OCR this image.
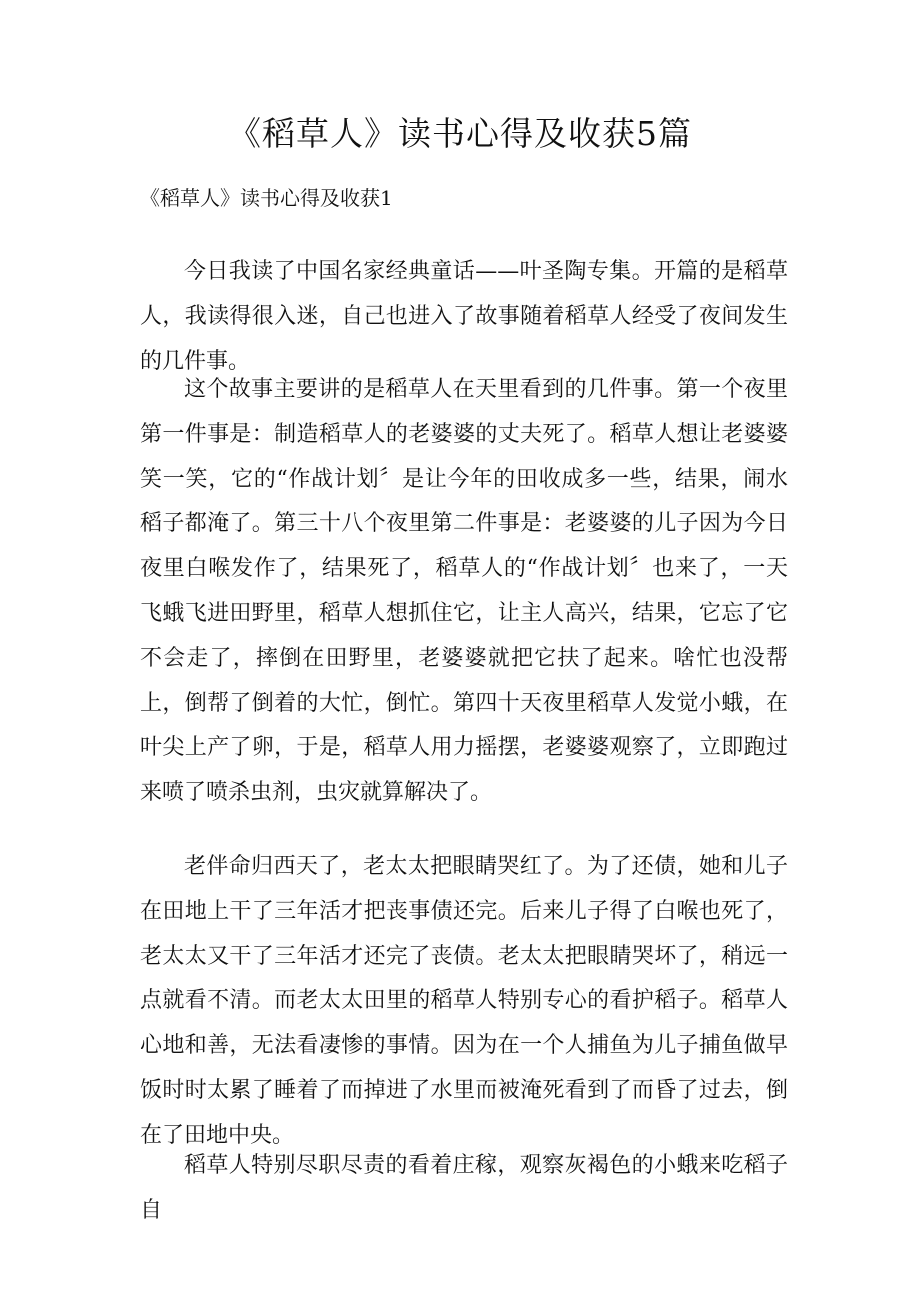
《稻草人》读书心得及收获5篇
《稻草人》读书心得及收获1

今日我读了中国名家经典童话——叶圣陶专集。开篇的是稻草人，我读得很入迷，自己也进入了故事随着稻草人经受了夜间发生的几件事。

这个故事主要讲的是稻草人在天里看到的几件事。第一个夜里第一件事是：制造稻草人的老婆婆的丈夫死了。稻草人想让老婆婆笑一笑，它的“作战计划〞是让今年的田收成多一些，结果，闹水稻子都淹了。第三十八个夜里第二件事是：老婆婆的儿子因为今日夜里白喉发作了，结果死了，稻草人的“作战计划〞也来了，一天飞蛾飞进田野里，稻草人想抓住它，让主人高兴，结果，它忘了它不会走了，摔倒在田野里，老婆婆就把它扶了起来。啥忙也没帮上，倒帮了倒着的大忙，倒忙。第四十天夜里稻草人发觉小蛾，在叶尖上产了卵，于是，稻草人用力摇摆，老婆婆观察了，立即跑过来喷了喷杀虫剂，虫灾就算解决了。

老伴命归西天了，老太太把眼睛哭红了。为了还债，她和儿子在田地上干了三年活才把丧事债还完。后来儿子得了白喉也死了，老太太又干了三年活才还完了丧债。老太太把眼睛哭坏了，稍远一点就看不清。而老太太田里的稻草人特别专心的看护稻子。稻草人心地和善，无法看凄惨的事情。因为在一个人捕鱼为儿子捕鱼做早饭时时太累了睡着了而掉进了水里而被淹死看到了而昏了过去，倒在了田地中央。

稻草人特别尽职尽责的看着庄稼，观察灰褐色的小蛾来吃稻子自
